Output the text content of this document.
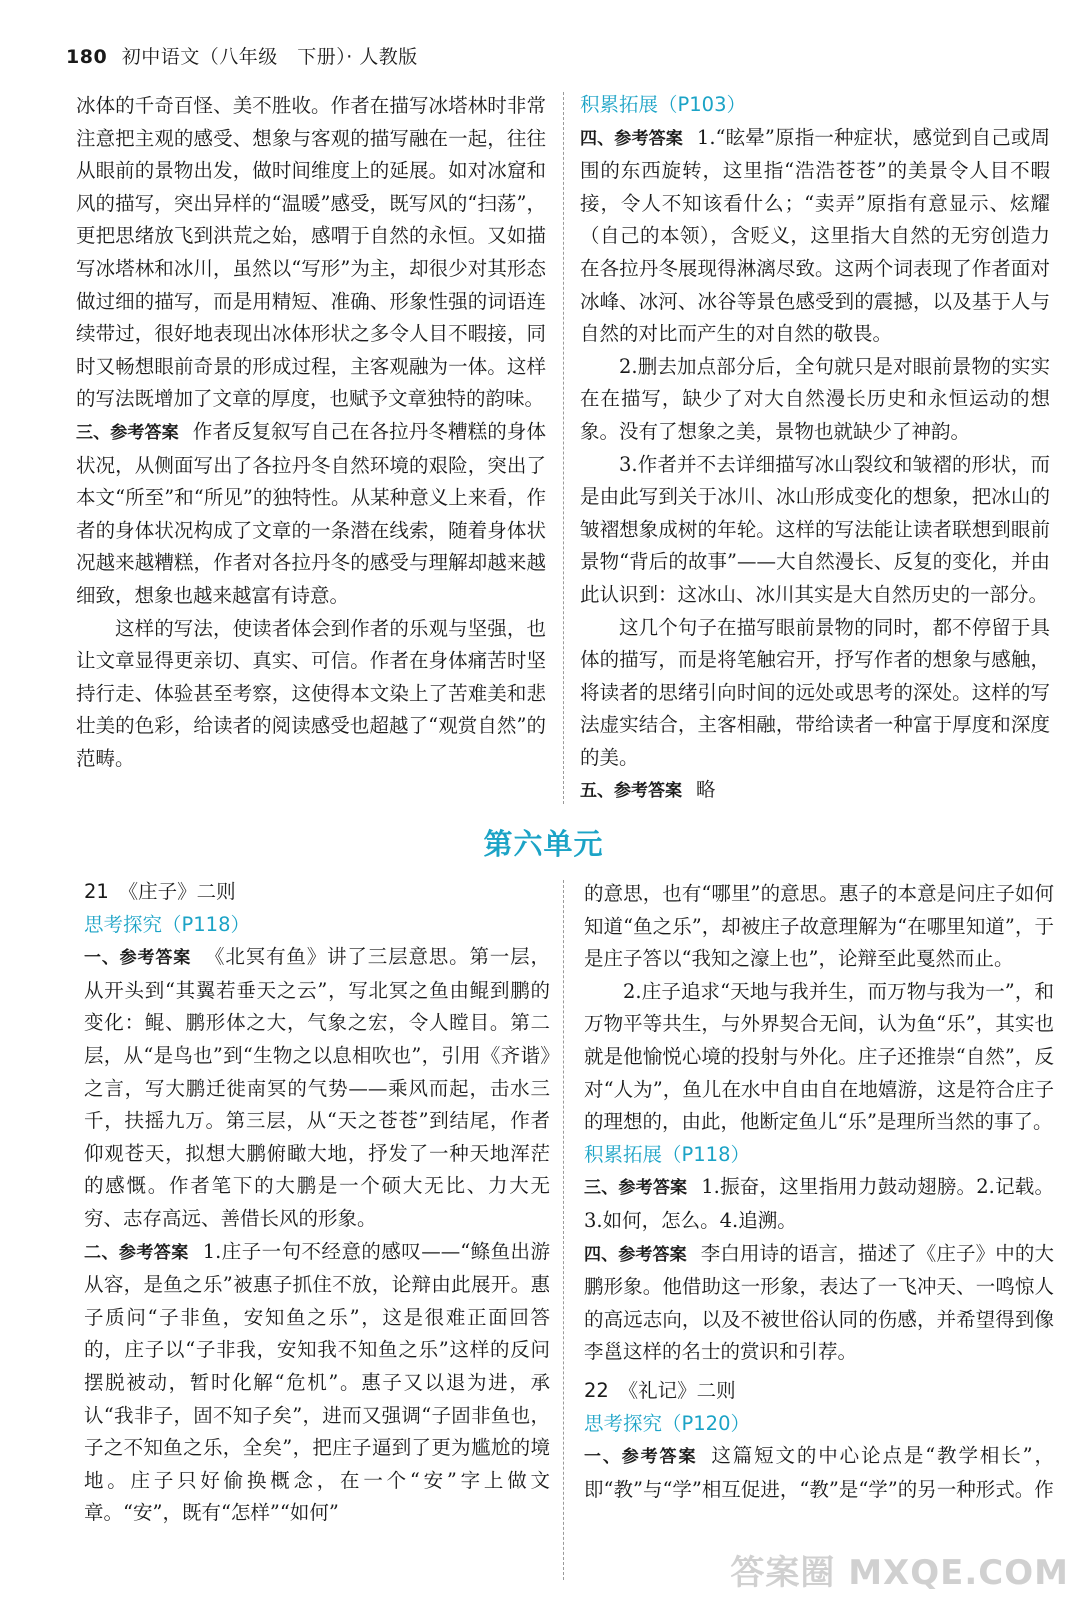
180 初中语文（八年级　下册）· 人教版

冰体的千奇百怪、美不胜收。作者在描写冰塔林时非常注意把主观的感受、想象与客观的描写融在一起，往往从眼前的景物出发，做时间维度上的延展。如对冰窟和风的描写，突出异样的“温暖”感受，既写风的“扫荡”，更把思绪放飞到洪荒之始，感喟于自然的永恒。又如描写冰塔林和冰川，虽然以“写形”为主，却很少对其形态做过细的描写，而是用精短、准确、形象性强的词语连续带过，很好地表现出冰体形状之多令人目不暇接，同时又畅想眼前奇景的形成过程，主客观融为一体。这样的写法既增加了文章的厚度，也赋予文章独特的韵味。

三、参考答案 作者反复叙写自己在各拉丹冬糟糕的身体状况，从侧面写出了各拉丹冬自然环境的艰险，突出了本文“所至”和“所见”的独特性。从某种意义上来看，作者的身体状况构成了文章的一条潜在线索，随着身体状况越来越糟糕，作者对各拉丹冬的感受与理解却越来越细致，想象也越来越富有诗意。

这样的写法，使读者体会到作者的乐观与坚强，也让文章显得更亲切、真实、可信。作者在身体痛苦时坚持行走、体验甚至考察，这使得本文染上了苦难美和悲壮美的色彩，给读者的阅读感受也超越了“观赏自然”的范畴。

积累拓展（P103）

四、参考答案 1.“眩晕”原指一种症状，感觉到自己或周围的东西旋转，这里指“浩浩苍苍”的美景令人目不暇接，令人不知该看什么；“卖弄”原指有意显示、炫耀（自己的本领），含贬义，这里指大自然的无穷创造力在各拉丹冬展现得淋漓尽致。这两个词表现了作者面对冰峰、冰河、冰谷等景色感受到的震撼，以及基于人与自然的对比而产生的对自然的敬畏。

2.删去加点部分后，全句就只是对眼前景物的实实在在描写，缺少了对大自然漫长历史和永恒运动的想象。没有了想象之美，景物也就缺少了神韵。

3.作者并不去详细描写冰山裂纹和皱褶的形状，而是由此写到关于冰川、冰山形成变化的想象，把冰山的皱褶想象成树的年轮。这样的写法能让读者联想到眼前景物“背后的故事”——大自然漫长、反复的变化，并由此认识到：这冰山、冰川其实是大自然历史的一部分。

这几个句子在描写眼前景物的同时，都不停留于具体的描写，而是将笔触宕开，抒写作者的想象与感触，将读者的思绪引向时间的远处或思考的深处。这样的写法虚实结合，主客相融，带给读者一种富于厚度和深度的美。

五、参考答案 略

第六单元

21　《庄子》二则

思考探究（P118）

一、参考答案 《北冥有鱼》讲了三层意思。第一层，从开头到“其翼若垂天之云”，写北冥之鱼由鲲到鹏的变化：鲲、鹏形体之大，气象之宏，令人瞠目。第二层，从“是鸟也”到“生物之以息相吹也”，引用《齐谐》之言，写大鹏迁徙南冥的气势——乘风而起，击水三千，扶摇九万。第三层，从“天之苍苍”到结尾，作者仰观苍天，拟想大鹏俯瞰大地，抒发了一种天地浑茫的感慨。作者笔下的大鹏是一个硕大无比、力大无穷、志存高远、善借长风的形象。

二、参考答案 1.庄子一句不经意的感叹——“鲦鱼出游从容，是鱼之乐”被惠子抓住不放，论辩由此展开。惠子质问“子非鱼，安知鱼之乐”，这是很难正面回答的，庄子以“子非我，安知我不知鱼之乐”这样的反问摆脱被动，暂时化解“危机”。惠子又以退为进，承认“我非子，固不知子矣”，进而又强调“子固非鱼也，子之不知鱼之乐，全矣”，把庄子逼到了更为尴尬的境地。庄子只好偷换概念，在一个“安”字上做文章。“安”，既有“怎样”“如何”

的意思，也有“哪里”的意思。惠子的本意是问庄子如何知道“鱼之乐”，却被庄子故意理解为“在哪里知道”，于是庄子答以“我知之濠上也”，论辩至此戛然而止。

2.庄子追求“天地与我并生，而万物与我为一”，和万物平等共生，与外界契合无间，认为鱼“乐”，其实也就是他愉悦心境的投射与外化。庄子还推崇“自然”，反对“人为”，鱼儿在水中自由自在地嬉游，这是符合庄子的理想的，由此，他断定鱼儿“乐”是理所当然的事了。

积累拓展（P118）

三、参考答案 1.振奋，这里指用力鼓动翅膀。2.记载。3.如何，怎么。4.追溯。

四、参考答案 李白用诗的语言，描述了《庄子》中的大鹏形象。他借助这一形象，表达了一飞冲天、一鸣惊人的高远志向，以及不被世俗认同的伤感，并希望得到像李邕这样的名士的赏识和引荐。

22　《礼记》二则

思考探究（P120）

一、参考答案 这篇短文的中心论点是“教学相长”，即“教”与“学”相互促进，“教”是“学”的另一种形式。作

答案圈 MXQE.COM
